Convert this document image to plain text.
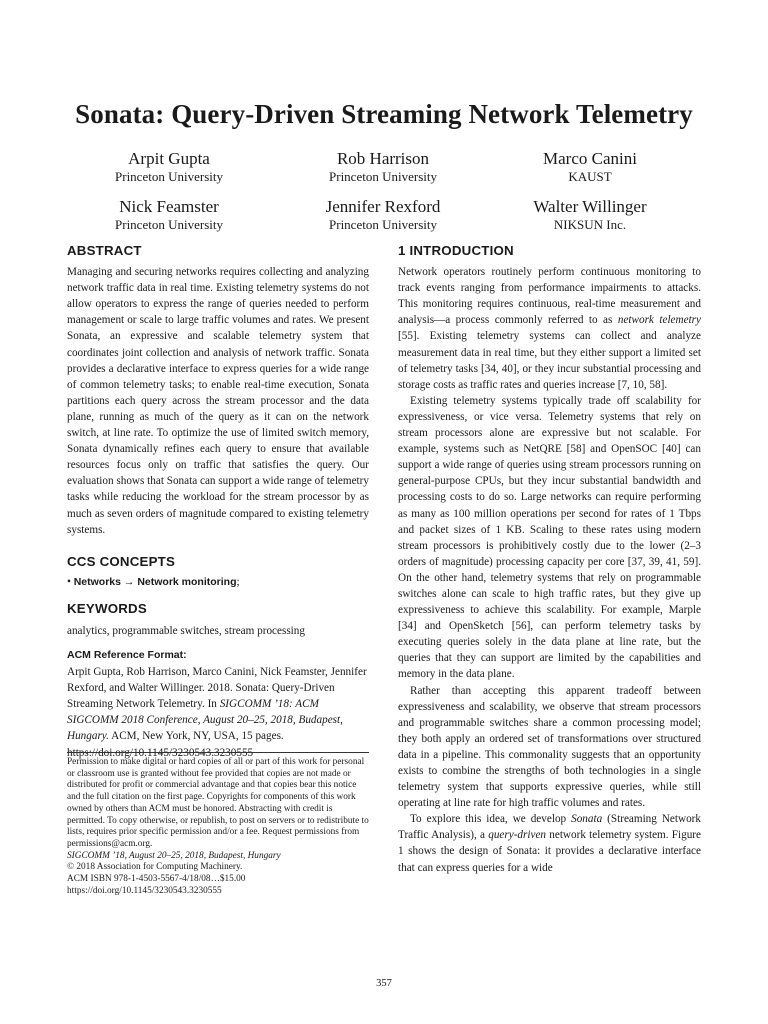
Sonata: Query-Driven Streaming Network Telemetry
Arpit Gupta
Princeton University
Rob Harrison
Princeton University
Marco Canini
KAUST
Nick Feamster
Princeton University
Jennifer Rexford
Princeton University
Walter Willinger
NIKSUN Inc.
ABSTRACT

Managing and securing networks requires collecting and analyzing network traffic data in real time. Existing telemetry systems do not allow operators to express the range of queries needed to perform management or scale to large traffic volumes and rates. We present Sonata, an expressive and scalable telemetry system that coordinates joint collection and analysis of network traffic. Sonata provides a declarative interface to express queries for a wide range of common telemetry tasks; to enable real-time execution, Sonata partitions each query across the stream processor and the data plane, running as much of the query as it can on the network switch, at line rate. To optimize the use of limited switch memory, Sonata dynamically refines each query to ensure that available resources focus only on traffic that satisfies the query. Our evaluation shows that Sonata can support a wide range of telemetry tasks while reducing the workload for the stream processor by as much as seven orders of magnitude compared to existing telemetry systems.

CCS CONCEPTS

• Networks → Network monitoring;

KEYWORDS

analytics, programmable switches, stream processing

ACM Reference Format:

Arpit Gupta, Rob Harrison, Marco Canini, Nick Feamster, Jennifer Rexford, and Walter Willinger. 2018. Sonata: Query-Driven Streaming Network Telemetry. In SIGCOMM ’18: ACM SIGCOMM 2018 Conference, August 20–25, 2018, Budapest, Hungary. ACM, New York, NY, USA, 15 pages. https://doi.org/10.1145/3230543.3230555

Permission to make digital or hard copies of all or part of this work for personal or classroom use is granted without fee provided that copies are not made or distributed for profit or commercial advantage and that copies bear this notice and the full citation on the first page. Copyrights for components of this work owned by others than ACM must be honored. Abstracting with credit is permitted. To copy otherwise, or republish, to post on servers or to redistribute to lists, requires prior specific permission and/or a fee. Request permissions from permissions@acm.org.

SIGCOMM ’18, August 20–25, 2018, Budapest, Hungary

© 2018 Association for Computing Machinery.

ACM ISBN 978-1-4503-5567-4/18/08…$15.00

https://doi.org/10.1145/3230543.3230555

1 INTRODUCTION

Network operators routinely perform continuous monitoring to track events ranging from performance impairments to attacks. This monitoring requires continuous, real-time measurement and analysis—a process commonly referred to as network telemetry [55]. Existing telemetry systems can collect and analyze measurement data in real time, but they either support a limited set of telemetry tasks [34, 40], or they incur substantial processing and storage costs as traffic rates and queries increase [7, 10, 58].

Existing telemetry systems typically trade off scalability for expressiveness, or vice versa. Telemetry systems that rely on stream processors alone are expressive but not scalable. For example, systems such as NetQRE [58] and OpenSOC [40] can support a wide range of queries using stream processors running on general-purpose CPUs, but they incur substantial bandwidth and processing costs to do so. Large networks can require performing as many as 100 million operations per second for rates of 1 Tbps and packet sizes of 1 KB. Scaling to these rates using modern stream processors is prohibitively costly due to the lower (2–3 orders of magnitude) processing capacity per core [37, 39, 41, 59]. On the other hand, telemetry systems that rely on programmable switches alone can scale to high traffic rates, but they give up expressiveness to achieve this scalability. For example, Marple [34] and OpenSketch [56], can perform telemetry tasks by executing queries solely in the data plane at line rate, but the queries that they can support are limited by the capabilities and memory in the data plane.

Rather than accepting this apparent tradeoff between expressiveness and scalability, we observe that stream processors and programmable switches share a common processing model; they both apply an ordered set of transformations over structured data in a pipeline. This commonality suggests that an opportunity exists to combine the strengths of both technologies in a single telemetry system that supports expressive queries, while still operating at line rate for high traffic volumes and rates.

To explore this idea, we develop Sonata (Streaming Network Traffic Analysis), a query-driven network telemetry system. Figure 1 shows the design of Sonata: it provides a declarative interface that can express queries for a wide

357
